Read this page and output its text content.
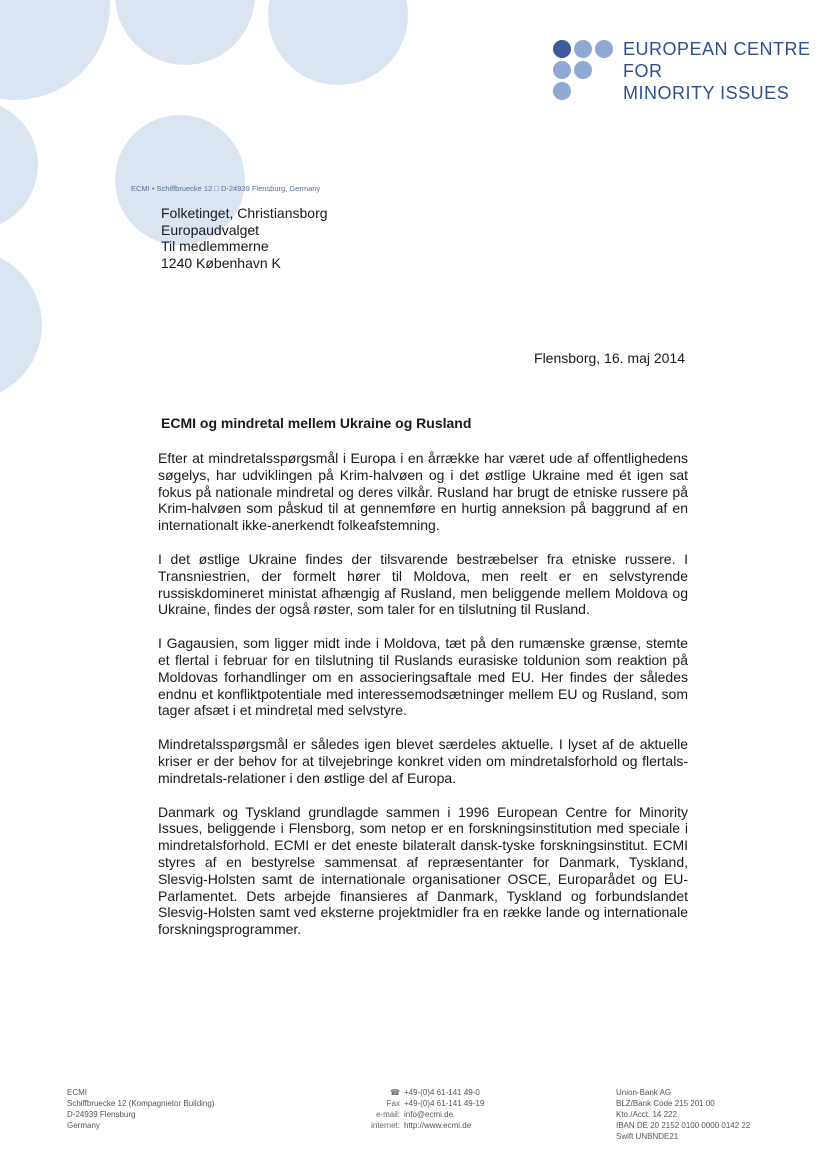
EUROPEAN CENTRE
FOR
MINORITY ISSUES
ECMI • Schiffbruecke 12 □ D-24939 Flensburg, Germany
Folketinget, Christiansborg
Europaudvalget
Til medlemmerne
1240 København K
Flensborg, 16. maj 2014
ECMI og mindretal mellem Ukraine og Rusland

Efter at mindretalsspørgsmål i Europa i en årrække har været ude af offentlighedens søgelys, har udviklingen på Krim-halvøen og i det østlige Ukraine med ét igen sat fokus på nationale mindretal og deres vilkår. Rusland har brugt de etniske russere på Krim-halvøen som påskud til at gennemføre en hurtig anneksion på baggrund af en internationalt ikke-anerkendt folkeafstemning.

I det østlige Ukraine findes der tilsvarende bestræbelser fra etniske russere. I Transniestrien, der formelt hører til Moldova, men reelt er en selvstyrende russiskdomineret ministat afhængig af Rusland, men beliggende mellem Moldova og Ukraine, findes der også røster, som taler for en tilslutning til Rusland.

I Gagausien, som ligger midt inde i Moldova, tæt på den rumænske grænse, stemte et flertal i februar for en tilslutning til Ruslands eurasiske toldunion som reaktion på Moldovas forhandlinger om en associeringsaftale med EU. Her findes der således endnu et konfliktpotentiale med interessemodsætninger mellem EU og Rusland, som tager afsæt i et mindretal med selvstyre.

Mindretalsspørgsmål er således igen blevet særdeles aktuelle. I lyset af de aktuelle kriser er der behov for at tilvejebringe konkret viden om mindretalsforhold og flertals-mindretals-relationer i den østlige del af Europa.

Danmark og Tyskland grundlagde sammen i 1996 European Centre for Minority Issues, beliggende i Flensborg, som netop er en forskningsinstitution med speciale i mindretalsforhold. ECMI er det eneste bilateralt dansk-tyske forskningsinstitut. ECMI styres af en bestyrelse sammensat af repræsentanter for Danmark, Tyskland, Slesvig-Holsten samt de internationale organisationer OSCE, Europarådet og EU-Parlamentet. Dets arbejde finansieres af Danmark, Tyskland og forbundslandet Slesvig-Holsten samt ved eksterne projektmidler fra en række lande og internationale forskningsprogrammer.

ECMI
Schiffbruecke 12 (Kompagnietor Building)
D-24939 Flensburg
Germany
☎ +49-(0)4 61-141 49-0
Fax +49-(0)4 61-141 49-19
e-mail: info@ecmi.de
internet: http://www.ecmi.de
Union-Bank AG
BLZ/Bank Code 215 201 00
Kto./Acct. 14 222
IBAN DE 20 2152 0100 0000 0142 22
Swift UNBNDE21
